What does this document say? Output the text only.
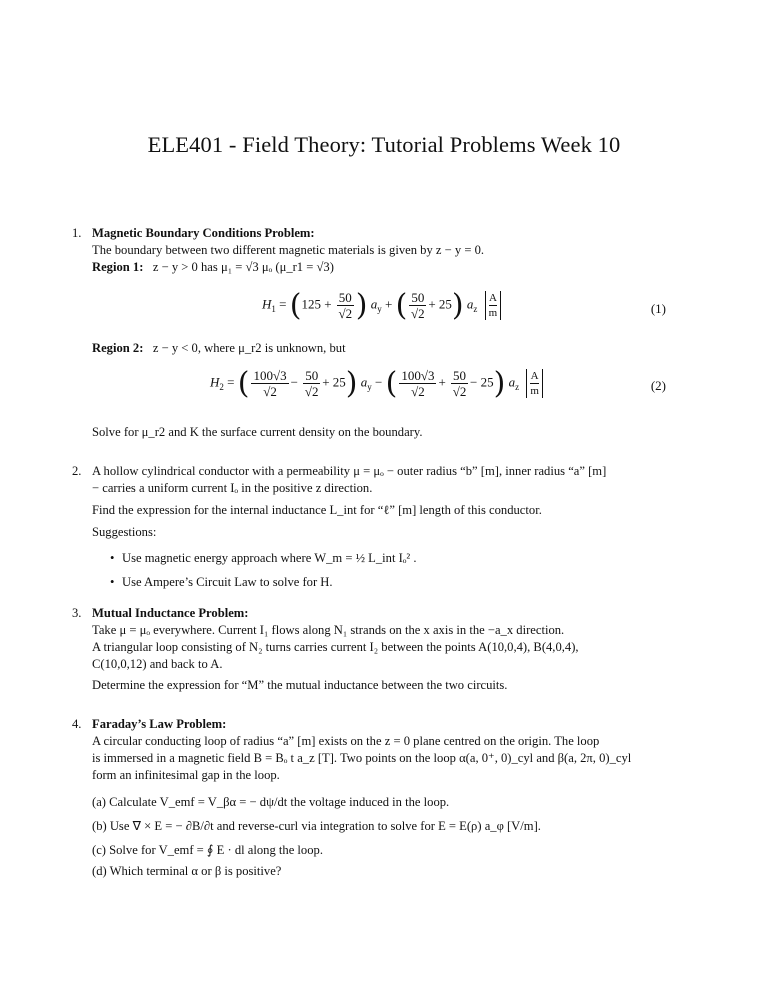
ELE401 - Field Theory: Tutorial Problems Week 10
1. Magnetic Boundary Conditions Problem:
The boundary between two different magnetic materials is given by z − y = 0.
Region 1: z − y > 0 has μ₁ = √3 μₒ (μ_r1 = √3)
$H_1 = (125 + \frac{50}{√2}$ ) $a_y$ + ( $\frac{50}{√2} + 25$) $a_z \frac{A}{m}$	(1)
Region 2: z − y < 0, where μ_r2 is unknown, but
$H_2$ = ( $\frac{100√3}{√2} - \frac{50}{√2} + 25$) $a_y$ − ( $\frac{100√3}{√2} + \frac{50}{√2} - 25$) $a_z \frac{A}{m}$	(2)
Solve for μ_r2 and K the surface current density on the boundary.
2. A hollow cylindrical conductor with a permeability μ = μₒ − outer radius “b” [m], inner radius “a” [m]
− carries a uniform current Iₒ in the positive z direction.
Find the expression for the internal inductance L_int for “ℓ” [m] length of this conductor.
Suggestions:
• Use magnetic energy approach where W_m = ½ L_int Iₒ² .
• Use Ampere’s Circuit Law to solve for H.
3. Mutual Inductance Problem:
Take μ = μₒ everywhere. Current I₁ flows along N₁ strands on the x axis in the −a_x direction.
A triangular loop consisting of N₂ turns carries current I₂ between the points A(10,0,4), B(4,0,4),
C(10,0,12) and back to A.
Determine the expression for “M” the mutual inductance between the two circuits.
4. Faraday’s Law Problem:
A circular conducting loop of radius “a” [m] exists on the z = 0 plane centred on the origin. The loop
is immersed in a magnetic field B = Bₒ t a_z [T]. Two points on the loop α(a, 0⁺, 0)_cyl and β(a, 2π, 0)_cyl
form an infinitesimal gap in the loop.
(a) Calculate V_emf = V_βα = − dψ/dt the voltage induced in the loop.
(b) Use ∇ × E = − ∂B/∂t and reverse-curl via integration to solve for E = E(ρ) a_φ [V/m].
(c) Solve for V_emf = ∮ E · dl along the loop.
(d) Which terminal α or β is positive?
